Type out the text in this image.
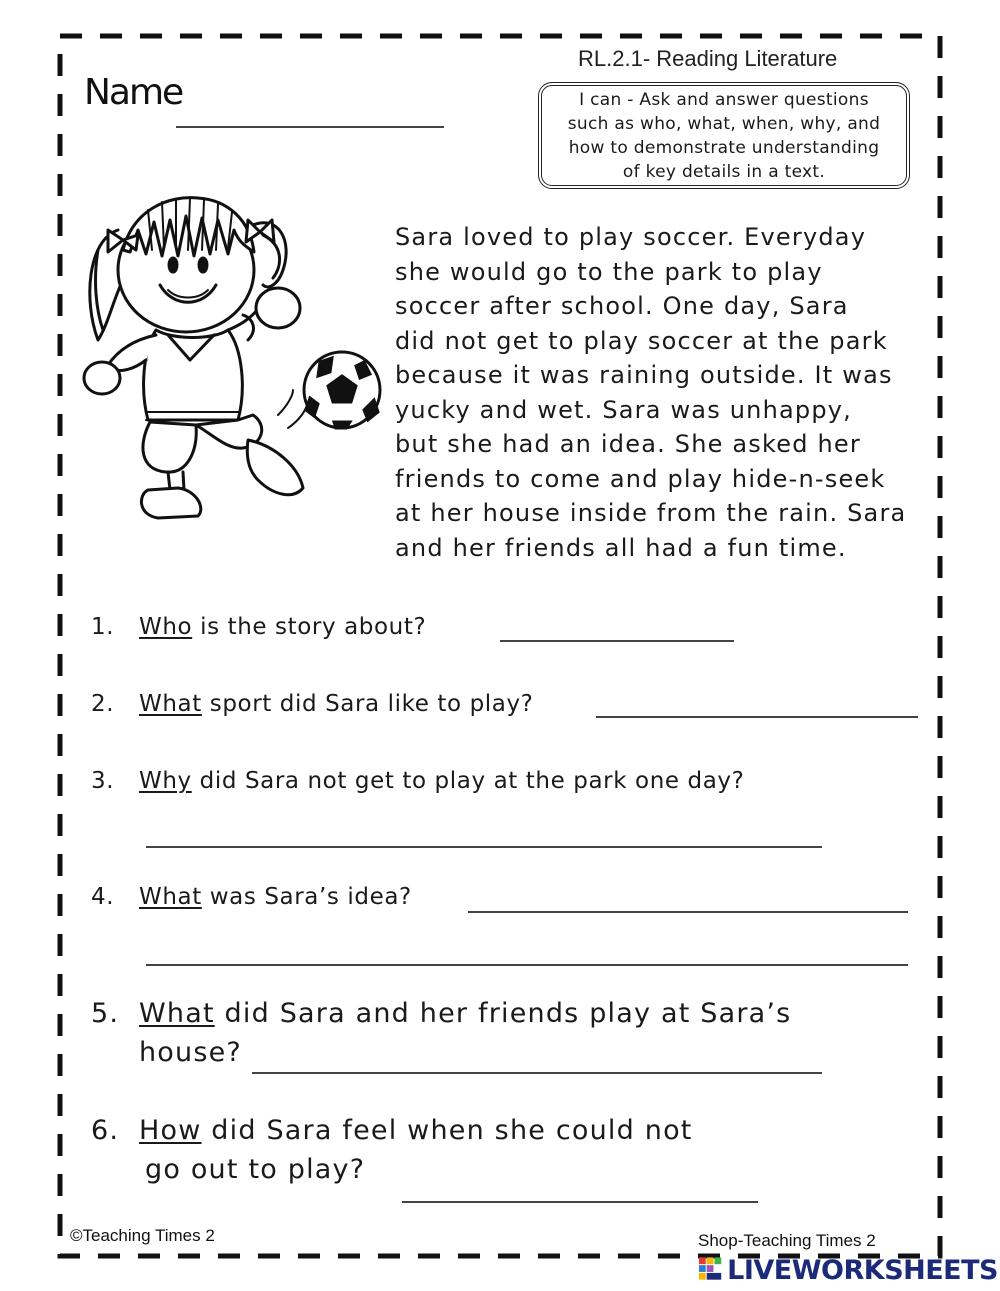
RL.2.1- Reading Literature
I can - Ask and answer questions
such as who, what, when, why, and
how to demonstrate understanding
of key details in a text.
Name

Sara loved to play soccer. Everyday

she would go to the park to play

soccer after school. One day, Sara

did not get to play soccer at the park

because it was raining outside. It was

yucky and wet. Sara was unhappy,

but she had an idea. She asked her

friends to come and play hide-n-seek

at her house inside from the rain. Sara

and her friends all had a fun time.

1. Who is the story about?
2. What sport did Sara like to play?
3. Why did Sara not get to play at the park one day?
4. What was Sara’s idea?
5. What did Sara and her friends play at Sara’s
house?
6. How did Sara feel when she could not
go out to play?
©Teaching Times 2	Shop-Teaching Times 2
LIVEWORKSHEETS
